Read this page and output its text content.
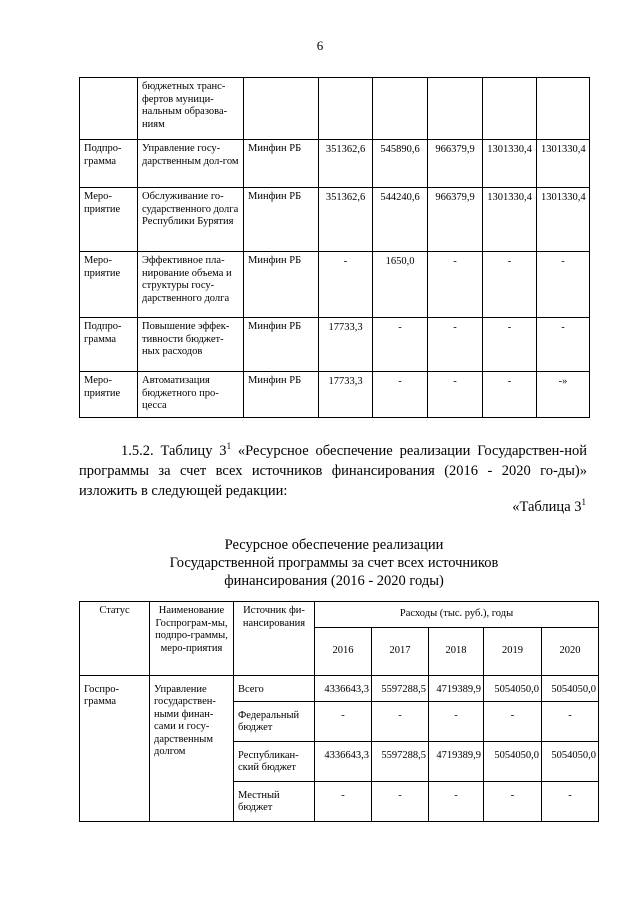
6
	бюджетных транс-фертов муници-нальным образова-ниям						
Подпро-грамма	Управление госу-дарственным дол-гом	Минфин РБ	351362,6	545890,6	966379,9	1301330,4	1301330,4
Меро-приятие	Обслуживание го-сударственного долга Республики Бурятия	Минфин РБ	351362,6	544240,6	966379,9	1301330,4	1301330,4
Меро-приятие	Эффективное пла-нирование объема и структуры госу-дарственного долга	Минфин РБ	-	1650,0	-	-	-
Подпро-грамма	Повышение эффек-тивности бюджет-ных расходов	Минфин РБ	17733,3	-	-	-	-
Меро-приятие	Автоматизация бюджетного про-цесса	Минфин РБ	17733,3	-	-	-	-»
1.5.2. Таблицу $3^1$ «Ресурсное обеспечение реализации Государствен-ной программы за счет всех источников финансирования (2016 - 2020 го-ды)» изложить в следующей редакции:
«Таблица $3^1$
Ресурсное обеспечение реализации
Государственной программы за счет всех источников
финансирования (2016 - 2020 годы)
Статус	Наименование Госпрограм-мы, подпро-граммы, меро-приятия	Источник фи-нансирования	Расходы (тыс. руб.), годы				
			2016	2017	2018	2019	2020
Госпро-грамма	Управление государствен-ными финан-сами и госу-дарственным долгом	Всего	4336643,3	5597288,5	4719389,9	5054050,0	5054050,0
		Федеральный бюджет	-	-	-	-	-
		Республикан-ский бюджет	4336643,3	5597288,5	4719389,9	5054050,0	5054050,0
		Местный бюджет	-	-	-	-	-
